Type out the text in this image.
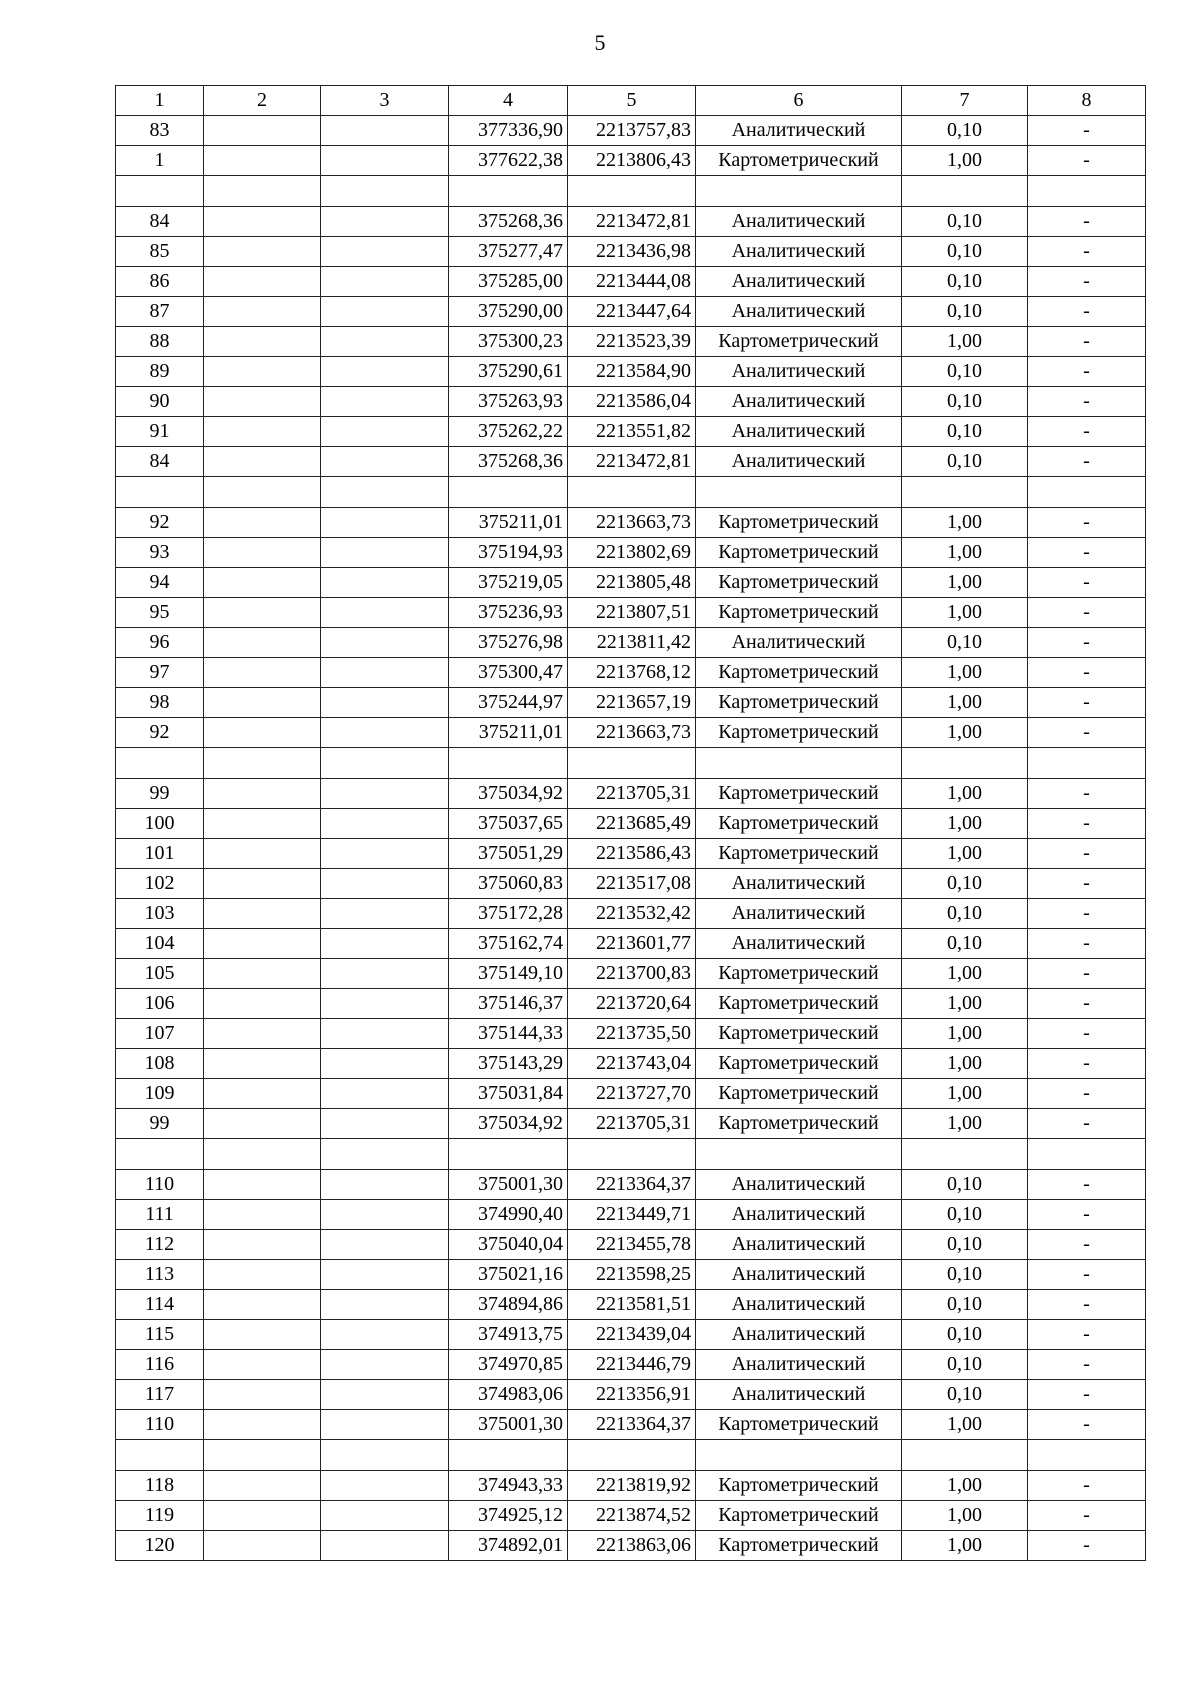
5
1	2	3	4	5	6	7	8
83			377336,90	2213757,83	Аналитический	0,10	-
1			377622,38	2213806,43	Картометрический	1,00	-

84			375268,36	2213472,81	Аналитический	0,10	-
85			375277,47	2213436,98	Аналитический	0,10	-
86			375285,00	2213444,08	Аналитический	0,10	-
87			375290,00	2213447,64	Аналитический	0,10	-
88			375300,23	2213523,39	Картометрический	1,00	-
89			375290,61	2213584,90	Аналитический	0,10	-
90			375263,93	2213586,04	Аналитический	0,10	-
91			375262,22	2213551,82	Аналитический	0,10	-
84			375268,36	2213472,81	Аналитический	0,10	-

92			375211,01	2213663,73	Картометрический	1,00	-
93			375194,93	2213802,69	Картометрический	1,00	-
94			375219,05	2213805,48	Картометрический	1,00	-
95			375236,93	2213807,51	Картометрический	1,00	-
96			375276,98	2213811,42	Аналитический	0,10	-
97			375300,47	2213768,12	Картометрический	1,00	-
98			375244,97	2213657,19	Картометрический	1,00	-
92			375211,01	2213663,73	Картометрический	1,00	-

99			375034,92	2213705,31	Картометрический	1,00	-
100			375037,65	2213685,49	Картометрический	1,00	-
101			375051,29	2213586,43	Картометрический	1,00	-
102			375060,83	2213517,08	Аналитический	0,10	-
103			375172,28	2213532,42	Аналитический	0,10	-
104			375162,74	2213601,77	Аналитический	0,10	-
105			375149,10	2213700,83	Картометрический	1,00	-
106			375146,37	2213720,64	Картометрический	1,00	-
107			375144,33	2213735,50	Картометрический	1,00	-
108			375143,29	2213743,04	Картометрический	1,00	-
109			375031,84	2213727,70	Картометрический	1,00	-
99			375034,92	2213705,31	Картометрический	1,00	-

110			375001,30	2213364,37	Аналитический	0,10	-
111			374990,40	2213449,71	Аналитический	0,10	-
112			375040,04	2213455,78	Аналитический	0,10	-
113			375021,16	2213598,25	Аналитический	0,10	-
114			374894,86	2213581,51	Аналитический	0,10	-
115			374913,75	2213439,04	Аналитический	0,10	-
116			374970,85	2213446,79	Аналитический	0,10	-
117			374983,06	2213356,91	Аналитический	0,10	-
110			375001,30	2213364,37	Картометрический	1,00	-

118			374943,33	2213819,92	Картометрический	1,00	-
119			374925,12	2213874,52	Картометрический	1,00	-
120			374892,01	2213863,06	Картометрический	1,00	-
